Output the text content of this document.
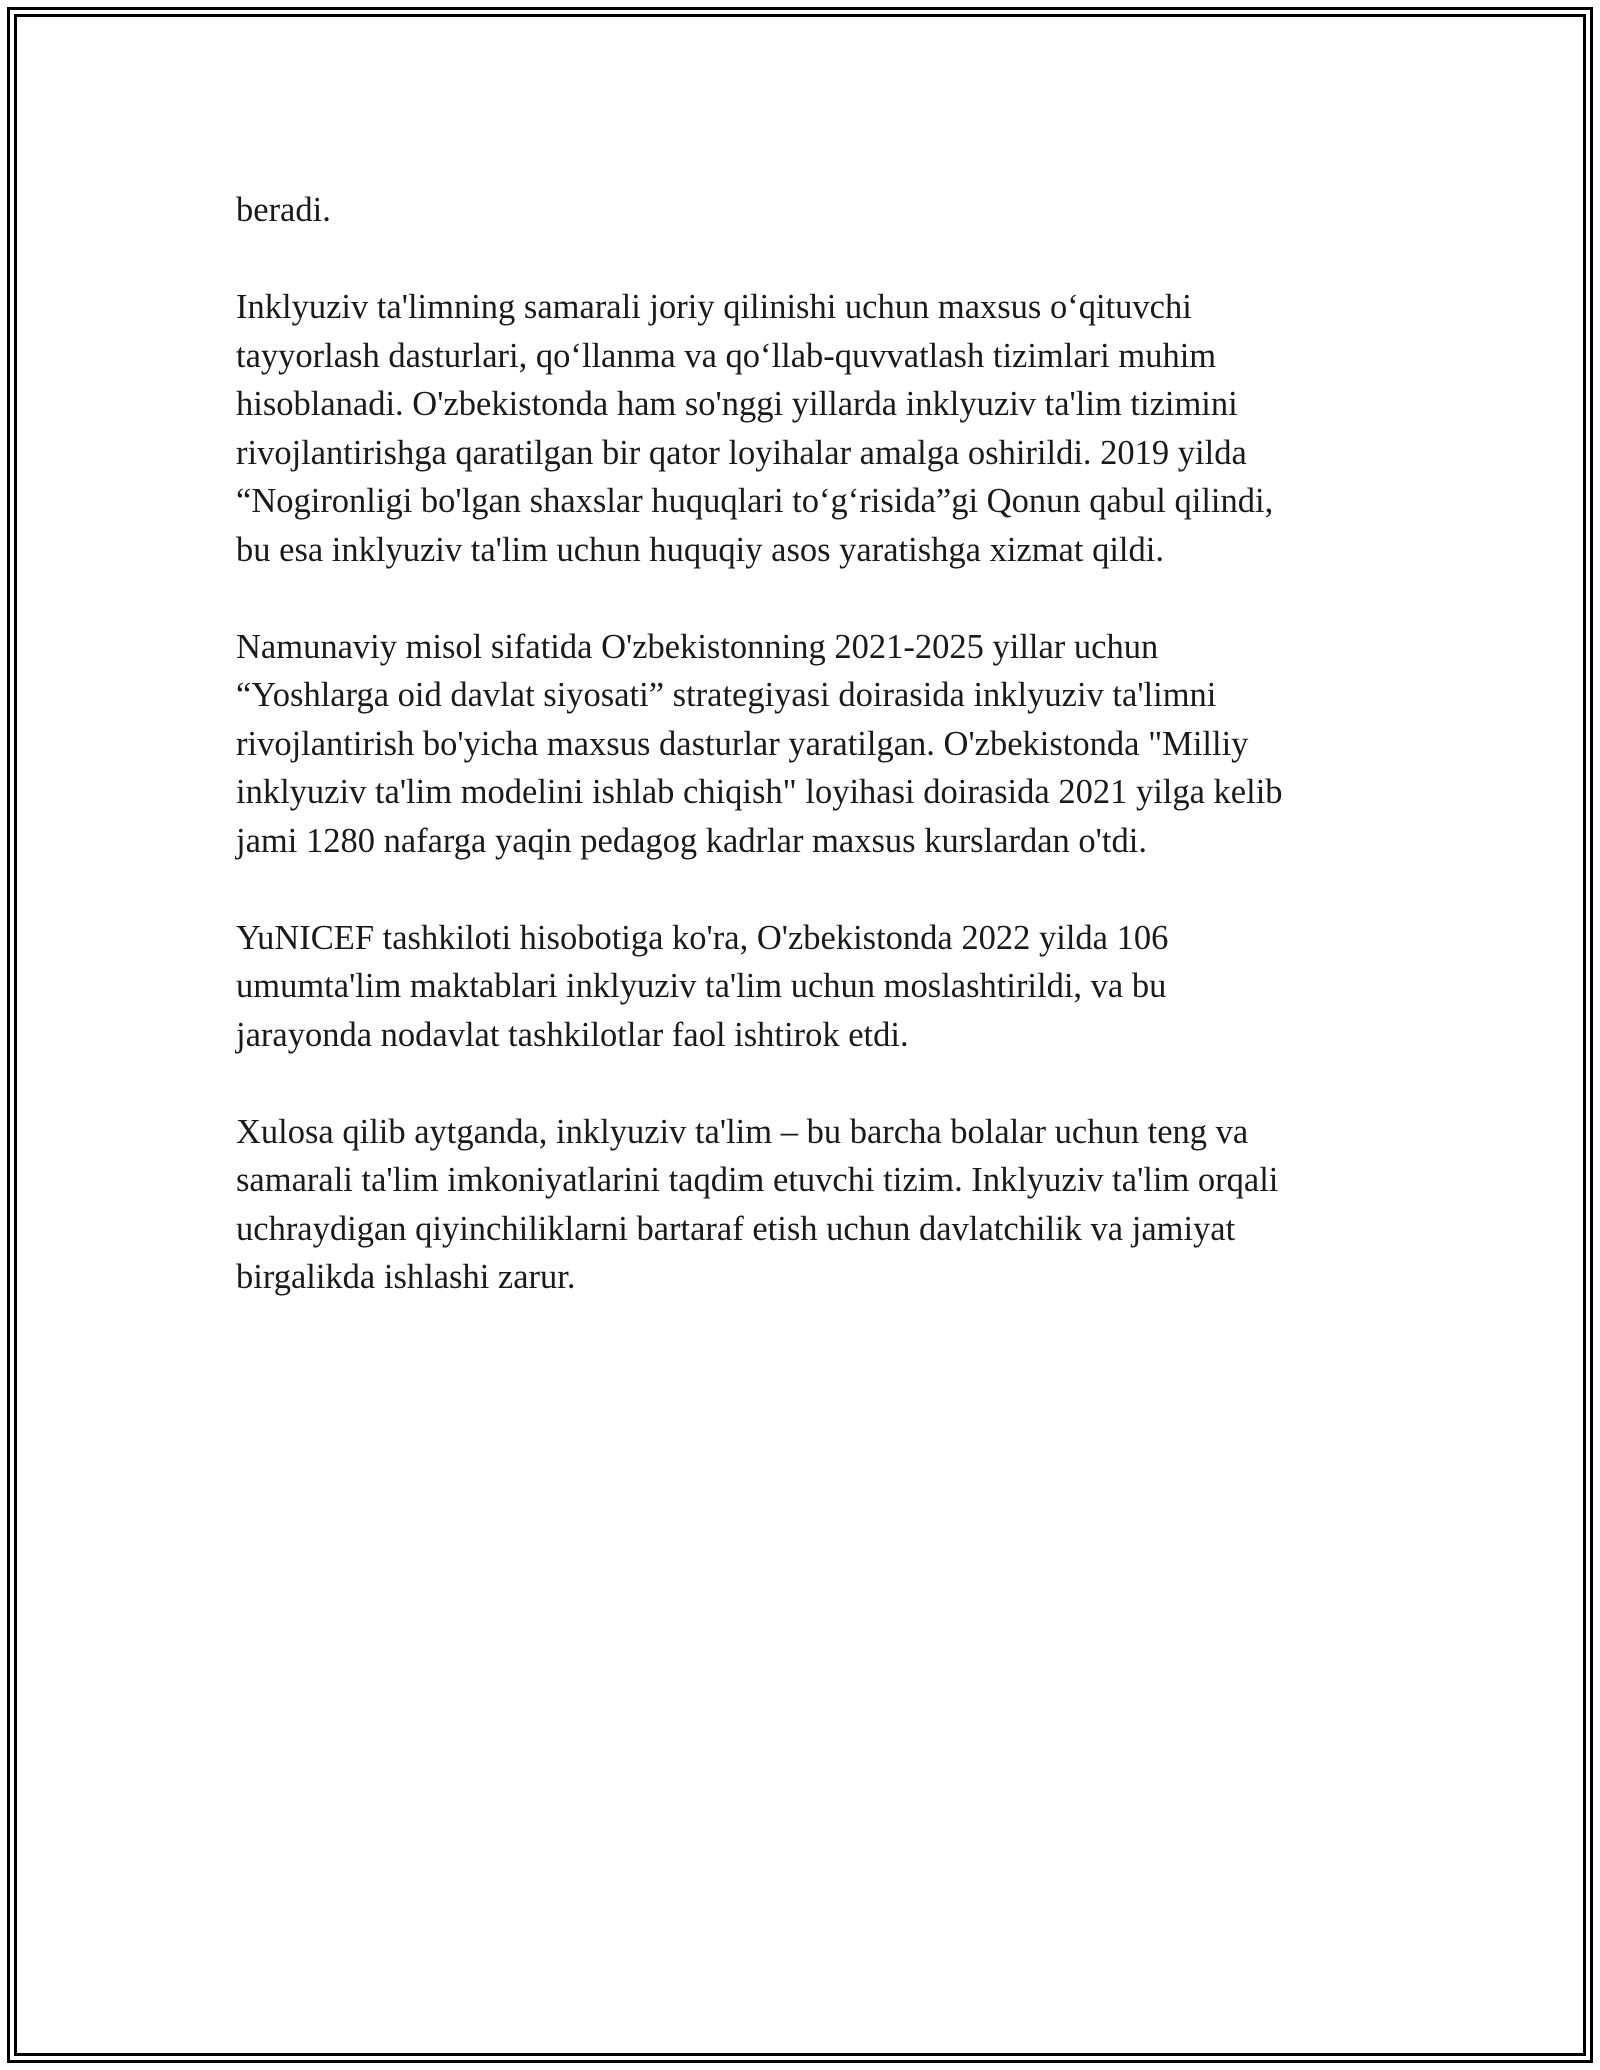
beradi.

Inklyuziv ta'limning samarali joriy qilinishi uchun maxsus o‘qituvchi
tayyorlash dasturlari, qo‘llanma va qo‘llab-quvvatlash tizimlari muhim
hisoblanadi. O'zbekistonda ham so'nggi yillarda inklyuziv ta'lim tizimini
rivojlantirishga qaratilgan bir qator loyihalar amalga oshirildi. 2019 yilda
“Nogironligi bo'lgan shaxslar huquqlari to‘g‘risida”gi Qonun qabul qilindi,
bu esa inklyuziv ta'lim uchun huquqiy asos yaratishga xizmat qildi.

Namunaviy misol sifatida O'zbekistonning 2021-2025 yillar uchun
“Yoshlarga oid davlat siyosati” strategiyasi doirasida inklyuziv ta'limni
rivojlantirish bo'yicha maxsus dasturlar yaratilgan. O'zbekistonda "Milliy
inklyuziv ta'lim modelini ishlab chiqish" loyihasi doirasida 2021 yilga kelib
jami 1280 nafarga yaqin pedagog kadrlar maxsus kurslardan o'tdi.

YuNICEF tashkiloti hisobotiga ko'ra, O'zbekistonda 2022 yilda 106
umumta'lim maktablari inklyuziv ta'lim uchun moslashtirildi, va bu
jarayonda nodavlat tashkilotlar faol ishtirok etdi.

Xulosa qilib aytganda, inklyuziv ta'lim – bu barcha bolalar uchun teng va
samarali ta'lim imkoniyatlarini taqdim etuvchi tizim. Inklyuziv ta'lim orqali
uchraydigan qiyinchiliklarni bartaraf etish uchun davlatchilik va jamiyat
birgalikda ishlashi zarur.
